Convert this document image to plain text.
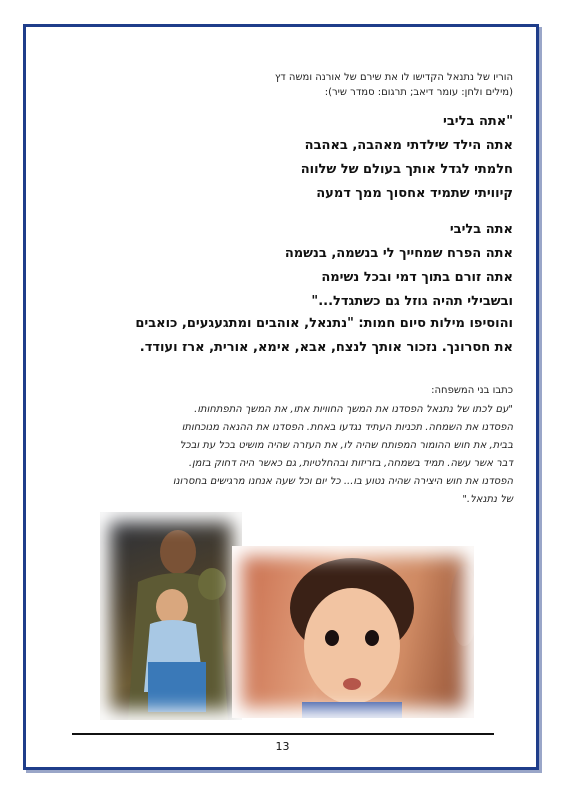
הוריו של נתנאל הקדישו לו את שירם של אורנה ומשה דץ
(מילים ולחן: עומר דיאב; תרגום: סמדר שיר):
"אתה בליבי
אתה הילד שילדתי מאהבה, באהבה
חלמתי לגדל אותך בעולם של שלווה
קיוויתי שתמיד אחסוך ממך דמעה
אתה בליבי
אתה הפרח שמחייך לי בנשמה, בנשמה
אתה זורם בתוך דמי ובכל נשימה
ובשבילי תהיה גוזל גם כשתגדל..."
והוסיפו מילות סיום חמות: "נתנאל, אוהבים ומתגעגעים, כואבים
את חסרונך. נזכור אותך לנצח, אבא, אימא, אורית, ארז ועודד.
כתבו בני המשפחה:
"עם לכתו של נתנאל הפסדנו את המשך החוויות אתו, את המשך התפתחותו.
הפסדנו את השמחה. תכניות העתיד נגדעו באחת. הפסדנו את ההנאה מנוכחותו
בבית, את חוש ההומור המפותח שהיה לו, את העזרה שהיה מושיט בכל עת ובכל
דבר אשר עשה. תמיד בשמחה, בזריזות ובהחלטיות, גם כאשר היה דחוק בזמן.
הפסדנו את חוש היצירה שהיה נטוע בו... כל יום וכל שעה אנחנו מרגישים בחסרונו
של נתנאל."
13
